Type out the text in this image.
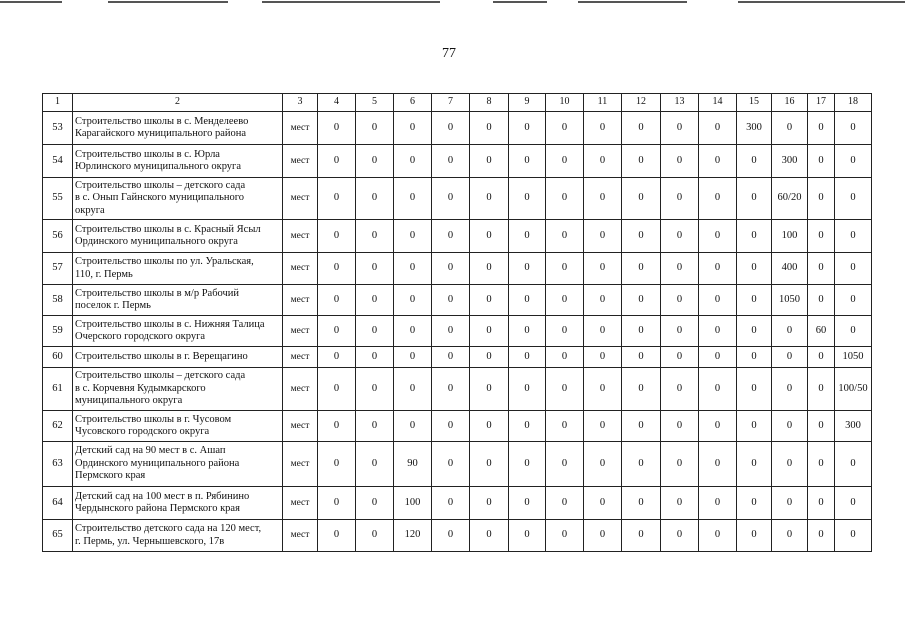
77
1	2	3	4	5	6	7	8	9	10	11	12	13	14	15	16	17	18
53	Строительство школы в с. Менделеево
Карагайского муниципального района	мест	0	0	0	0	0	0	0	0	0	0	0	300	0	0	0
54	Строительство школы в с. Юрла
Юрлинского муниципального округа	мест	0	0	0	0	0	0	0	0	0	0	0	0	300	0	0
55	Строительство школы – детского сада
в с. Онып Гайнского муниципального
округа	мест	0	0	0	0	0	0	0	0	0	0	0	0	60/20	0	0
56	Строительство школы в с. Красный Ясыл
Ординского муниципального округа	мест	0	0	0	0	0	0	0	0	0	0	0	0	100	0	0
57	Строительство школы по ул. Уральская,
110, г. Пермь	мест	0	0	0	0	0	0	0	0	0	0	0	0	400	0	0
58	Строительство школы в м/р Рабочий
поселок г. Пермь	мест	0	0	0	0	0	0	0	0	0	0	0	0	1050	0	0
59	Строительство школы в с. Нижняя Талица
Очерского городского округа	мест	0	0	0	0	0	0	0	0	0	0	0	0	0	60	0
60	Строительство школы в г. Верещагино	мест	0	0	0	0	0	0	0	0	0	0	0	0	0	0	1050
61	Строительство школы – детского сада
в с. Корчевня Кудымкарского
муниципального округа	мест	0	0	0	0	0	0	0	0	0	0	0	0	0	0	100/50
62	Строительство школы в г. Чусовом
Чусовского городского округа	мест	0	0	0	0	0	0	0	0	0	0	0	0	0	0	300
63	Детский сад на 90 мест в с. Ашап
Ординского муниципального района
Пермского края	мест	0	0	90	0	0	0	0	0	0	0	0	0	0	0	0
64	Детский сад на 100 мест в п. Рябинино
Чердынского района Пермского края	мест	0	0	100	0	0	0	0	0	0	0	0	0	0	0	0
65	Строительство детского сада на 120 мест,
г. Пермь, ул. Чернышевского, 17в	мест	0	0	120	0	0	0	0	0	0	0	0	0	0	0	0
